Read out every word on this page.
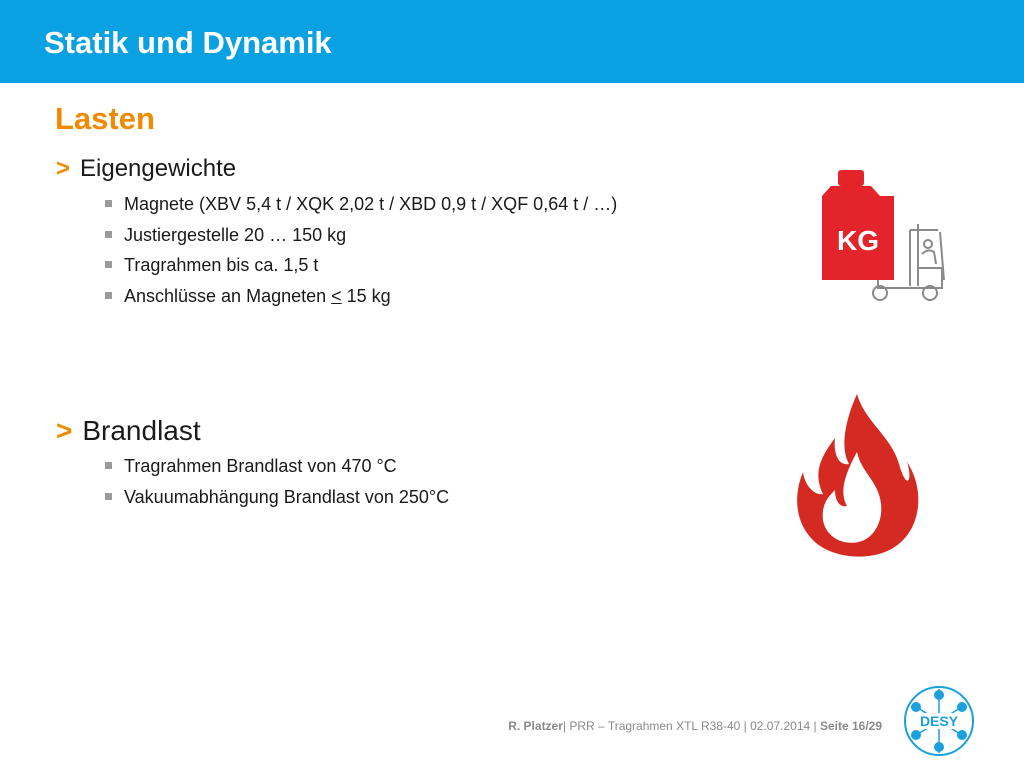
Statik und Dynamik
Lasten
> Eigengewichte
Magnete (XBV 5,4 t / XQK 2,02 t / XBD 0,9 t / XQF 0,64 t / …)
Justiergestelle 20 … 150 kg
Tragrahmen bis ca. 1,5 t
Anschlüsse an Magneten ≤ 15 kg
> Brandlast
Tragrahmen Brandlast von 470 °C
Vakuumabhängung Brandlast von 250°C
KG
R. Platzer| PRR – Tragrahmen XTL R38-40 | 02.07.2014 | Seite 16/29	DESY
